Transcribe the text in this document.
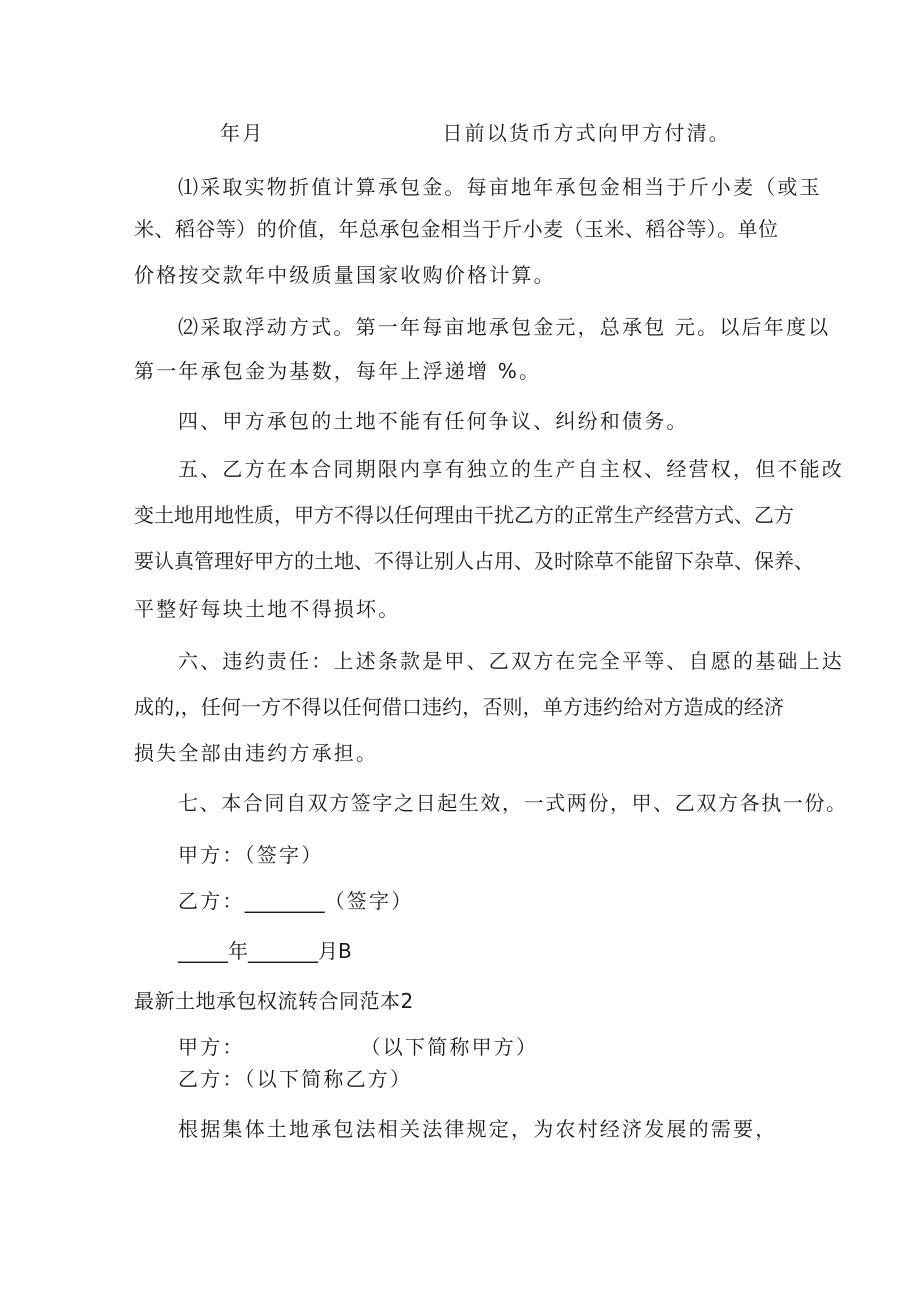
年月	日前以货币方式向甲方付清。
⑴采取实物折值计算承包金。每亩地年承包金相当于斤小麦（或玉
米、稻谷等）的价值，年总承包金相当于斤小麦（玉米、稻谷等）。单位
价格按交款年中级质量国家收购价格计算。
⑵采取浮动方式。第一年每亩地承包金元，总承包 元。以后年度以
第一年承包金为基数，每年上浮递增 %。
四、甲方承包的土地不能有任何争议、纠纷和债务。
五、乙方在本合同期限内享有独立的生产自主权、经营权，但不能改
变土地用地性质，甲方不得以任何理由干扰乙方的正常生产经营方式、乙方
要认真管理好甲方的土地、不得让别人占用、及时除草不能留下杂草、保养、
平整好每块土地不得损坏。
六、违约责任：上述条款是甲、乙双方在完全平等、自愿的基础上达
成的,，任何一方不得以任何借口违约，否则，单方违约给对方造成的经济
损失全部由违约方承担。
七、本合同自双方签字之日起生效，一式两份，甲、乙双方各执一份。
甲方：（签字）
乙方：________（签字）
_____年_______月B
最新土地承包权流转合同范本2
甲方：	（以下简称甲方）
乙方：（以下简称乙方）
根据集体土地承包法相关法律规定，为农村经济发展的需要，
